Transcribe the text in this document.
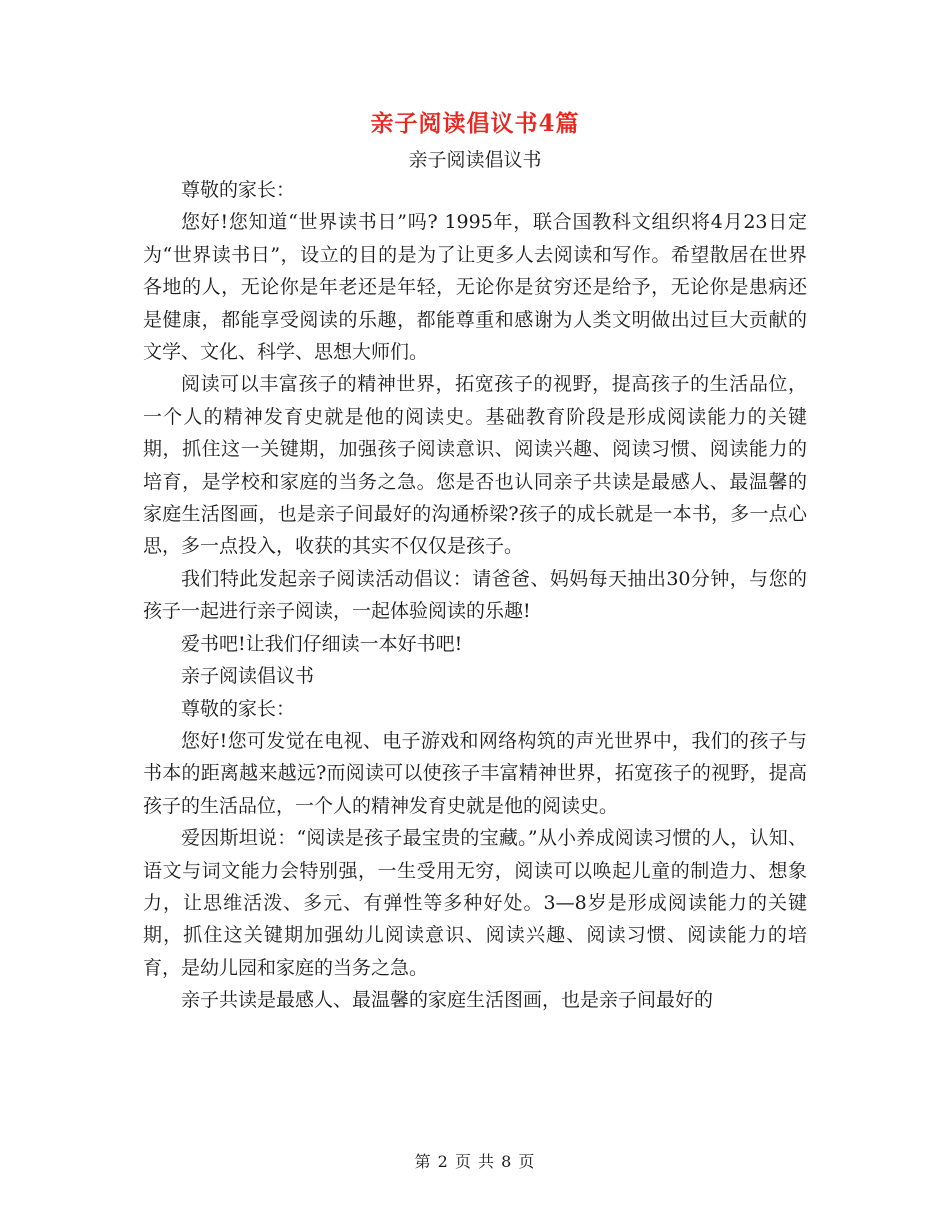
亲子阅读倡议书4篇
亲子阅读倡议书

尊敬的家长：

您好!您知道“世界读书日”吗? 1995年，联合国教科文组织将4月23日定为“世界读书日”，设立的目的是为了让更多人去阅读和写作。希望散居在世界各地的人，无论你是年老还是年轻，无论你是贫穷还是给予，无论你是患病还是健康，都能享受阅读的乐趣，都能尊重和感谢为人类文明做出过巨大贡献的文学、文化、科学、思想大师们。

阅读可以丰富孩子的精神世界，拓宽孩子的视野，提高孩子的生活品位，一个人的精神发育史就是他的阅读史。基础教育阶段是形成阅读能力的关键期，抓住这一关键期，加强孩子阅读意识、阅读兴趣、阅读习惯、阅读能力的培育，是学校和家庭的当务之急。您是否也认同亲子共读是最感人、最温馨的家庭生活图画，也是亲子间最好的沟通桥梁?孩子的成长就是一本书，多一点心思，多一点投入，收获的其实不仅仅是孩子。

我们特此发起亲子阅读活动倡议：请爸爸、妈妈每天抽出30分钟，与您的孩子一起进行亲子阅读，一起体验阅读的乐趣!

爱书吧!让我们仔细读一本好书吧!

亲子阅读倡议书

尊敬的家长：

您好!您可发觉在电视、电子游戏和网络构筑的声光世界中，我们的孩子与书本的距离越来越远?而阅读可以使孩子丰富精神世界，拓宽孩子的视野，提高孩子的生活品位，一个人的精神发育史就是他的阅读史。

爱因斯坦说：“阅读是孩子最宝贵的宝藏。”从小养成阅读习惯的人，认知、语文与词文能力会特别强，一生受用无穷，阅读可以唤起儿童的制造力、想象力，让思维活泼、多元、有弹性等多种好处。3—8岁是形成阅读能力的关键期，抓住这关键期加强幼儿阅读意识、阅读兴趣、阅读习惯、阅读能力的培育，是幼儿园和家庭的当务之急。

亲子共读是最感人、最温馨的家庭生活图画，也是亲子间最好的

第 2 页 共 8 页
